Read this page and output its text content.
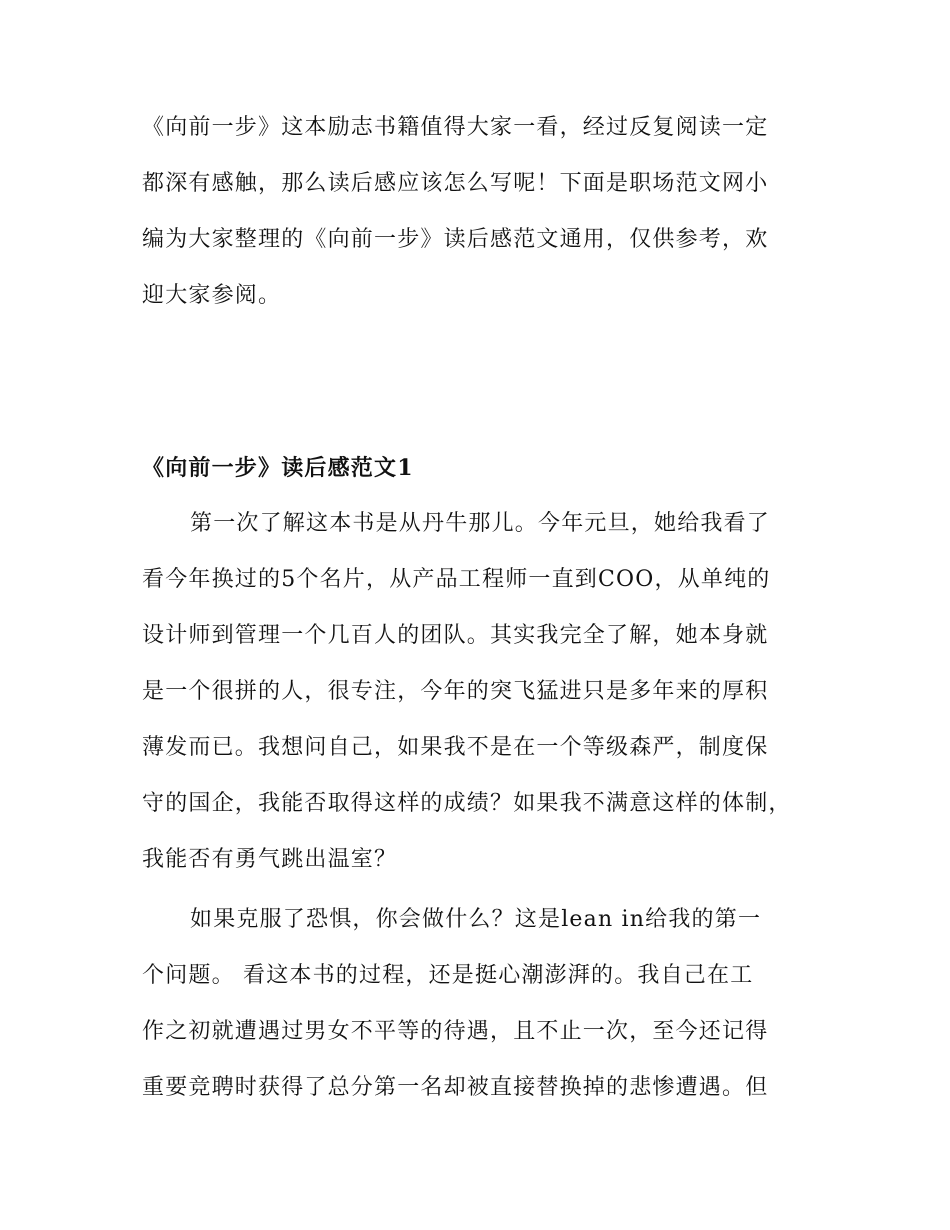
《向前一步》这本励志书籍值得大家一看，经过反复阅读一定
都深有感触，那么读后感应该怎么写呢！下面是职场范文网小
编为大家整理的《向前一步》读后感范文通用，仅供参考，欢
迎大家参阅。
《向前一步》读后感范文1
第一次了解这本书是从丹牛那儿。今年元旦，她给我看了
看今年换过的5个名片，从产品工程师一直到COO，从单纯的
设计师到管理一个几百人的团队。其实我完全了解，她本身就
是一个很拼的人，很专注，今年的突飞猛进只是多年来的厚积
薄发而已。我想问自己，如果我不是在一个等级森严，制度保
守的国企，我能否取得这样的成绩？如果我不满意这样的体制，
我能否有勇气跳出温室？
如果克服了恐惧，你会做什么？这是lean in给我的第一
个问题。 看这本书的过程，还是挺心潮澎湃的。我自己在工
作之初就遭遇过男女不平等的待遇，且不止一次，至今还记得
重要竞聘时获得了总分第一名却被直接替换掉的悲惨遭遇。但
